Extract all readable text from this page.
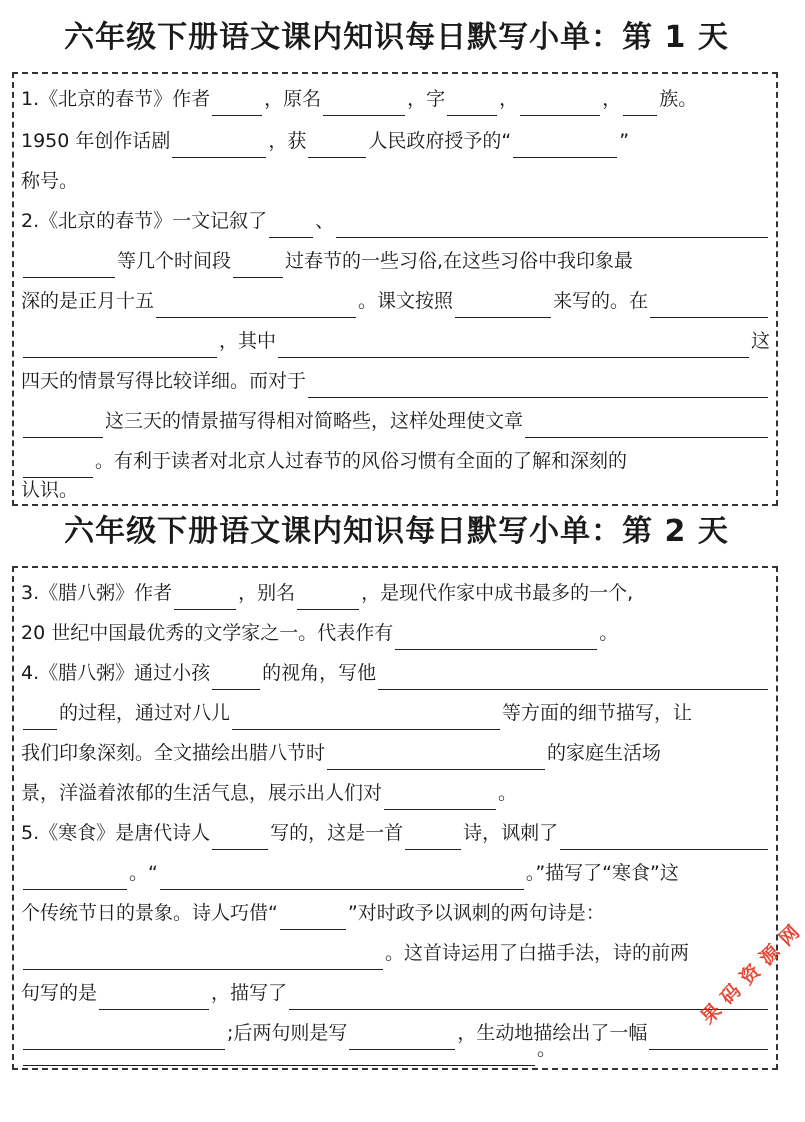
六年级下册语文课内知识每日默写小单：第 1 天
1.《北京的春节》作者	，原名	，字	，	， 族。
1950 年创作话剧	，获	人民政府授予的“	”
称号。
2.《北京的春节》一文记叙了	、
等几个时间段	过春节的一些习俗,在这些习俗中我印象最
深的是正月十五	。课文按照	来写的。在
，其中	这
四天的情景写得比较详细。而对于
这三天的情景描写得相对简略些，这样处理使文章
。有利于读者对北京人过春节的风俗习惯有全面的了解和深刻的
认识。
六年级下册语文课内知识每日默写小单：第 2 天
3.《腊八粥》作者	，别名	，是现代作家中成书最多的一个,
20 世纪中国最优秀的文学家之一。代表作有	。
4.《腊八粥》通过小孩	的视角，写他
的过程，通过对八儿	等方面的细节描写，让
我们印象深刻。全文描绘出腊八节时	的家庭生活场
景，洋溢着浓郁的生活气息，展示出人们对	。
5.《寒食》是唐代诗人	写的，这是一首	诗，讽刺了
。“	。”描写了“寒食”这
个传统节日的景象。诗人巧借“	”对时政予以讽刺的两句诗是：
。这首诗运用了白描手法，诗的前两
句写的是	，描写了
;后两句则是写	，生动地描绘出了一幅
。
果 码 资 源 网
